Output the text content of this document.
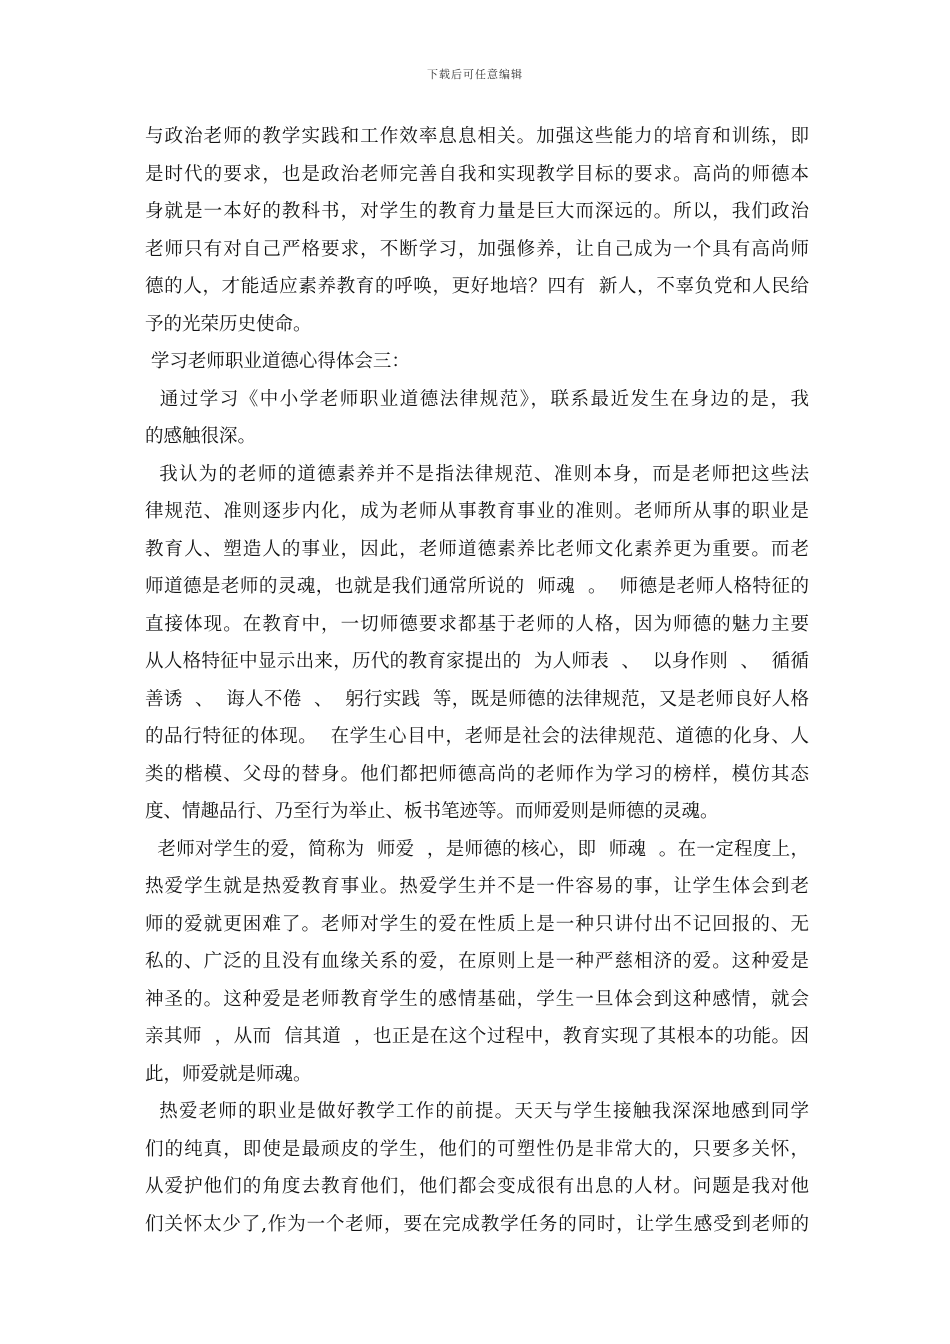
下载后可任意编辑
与政治老师的教学实践和工作效率息息相关。加强这些能力的培育和训练，即
是时代的要求，也是政治老师完善自我和实现教学目标的要求。高尚的师德本
身就是一本好的教科书，对学生的教育力量是巨大而深远的。所以，我们政治
老师只有对自己严格要求，不断学习，加强修养，让自己成为一个具有高尚师
德的人，才能适应素养教育的呼唤，更好地培？四有  新人，不辜负党和人民给
予的光荣历史使命。
学习老师职业道德心得体会三：
通过学习《中小学老师职业道德法律规范》，联系最近发生在身边的是，我
的感触很深。
我认为的老师的道德素养并不是指法律规范、准则本身，而是老师把这些法
律规范、准则逐步内化，成为老师从事教育事业的准则。老师所从事的职业是
教育人、塑造人的事业，因此，老师道德素养比老师文化素养更为重要。而老
师道德是老师的灵魂，也就是我们通常所说的  师魂  。  师德是老师人格特征的
直接体现。在教育中，一切师德要求都基于老师的人格，因为师德的魅力主要
从人格特征中显示出来，历代的教育家提出的  为人师表  、  以身作则  、  循循
善诱  、  诲人不倦  、  躬行实践  等，既是师德的法律规范，又是老师良好人格
的品行特征的体现。  在学生心目中，老师是社会的法律规范、道德的化身、人
类的楷模、父母的替身。他们都把师德高尚的老师作为学习的榜样，模仿其态
度、情趣品行、乃至行为举止、板书笔迹等。而师爱则是师德的灵魂。
老师对学生的爱，简称为  师爱  ，是师德的核心，即  师魂  。在一定程度上，
热爱学生就是热爱教育事业。热爱学生并不是一件容易的事，让学生体会到老
师的爱就更困难了。老师对学生的爱在性质上是一种只讲付出不记回报的、无
私的、广泛的且没有血缘关系的爱，在原则上是一种严慈相济的爱。这种爱是
神圣的。这种爱是老师教育学生的感情基础，学生一旦体会到这种感情，就会
亲其师  ，从而  信其道  ，也正是在这个过程中，教育实现了其根本的功能。因
此，师爱就是师魂。
热爱老师的职业是做好教学工作的前提。天天与学生接触我深深地感到同学
们的纯真，即使是最顽皮的学生，他们的可塑性仍是非常大的，只要多关怀，
从爱护他们的角度去教育他们，他们都会变成很有出息的人材。问题是我对他
们关怀太少了,作为一个老师，要在完成教学任务的同时，让学生感受到老师的
